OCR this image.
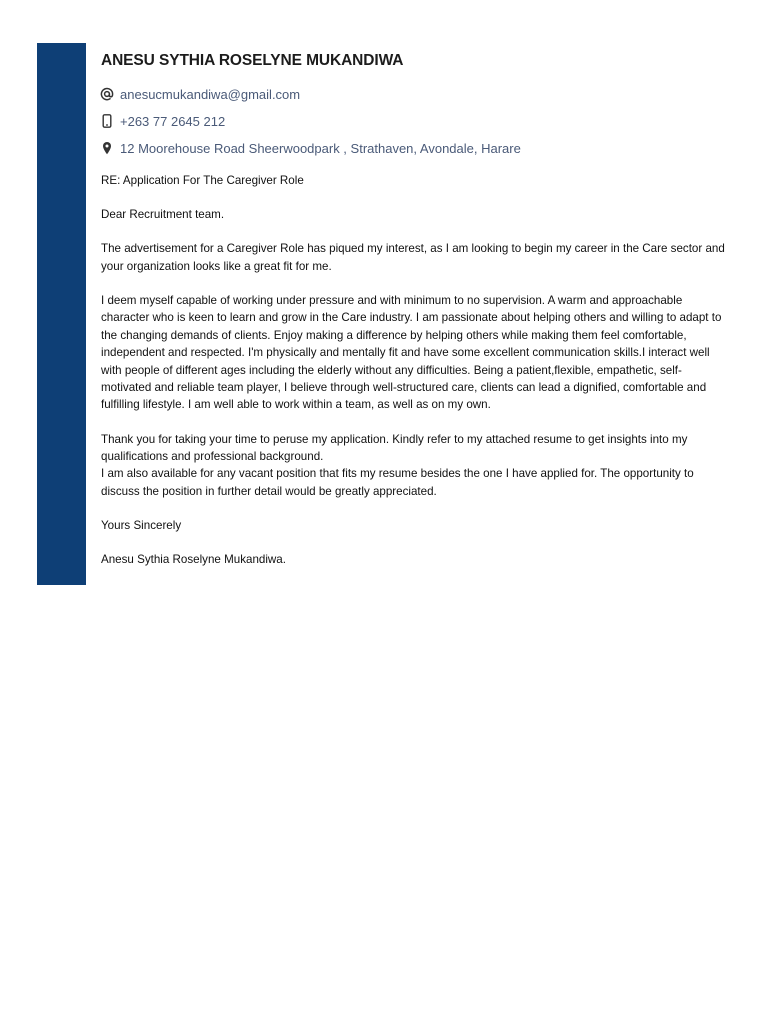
ANESU SYTHIA ROSELYNE MUKANDIWA
anesucmukandiwa@gmail.com
+263 77 2645 212
12 Moorehouse Road Sheerwoodpark , Strathaven, Avondale, Harare

RE: Application For The Caregiver Role

Dear Recruitment team.

The advertisement for a Caregiver Role has piqued my interest, as I am looking to begin my career in the Care sector and your organization looks like a great fit for me.

I deem myself capable of working under pressure and with minimum to no supervision. A warm and approachable character who is keen to learn and grow in the Care industry. I am passionate about helping others and willing to adapt to the changing demands of clients. Enjoy making a difference by helping others while making them feel comfortable, independent and respected. I'm physically and mentally fit and have some excellent communication skills.I interact well with people of different ages including the elderly without any difficulties. Being a patient,flexible, empathetic, self-motivated and reliable team player, I believe through well-structured care, clients can lead a dignified, comfortable and fulfilling lifestyle. I am well able to work within a team, as well as on my own.

Thank you for taking your time to peruse my application. Kindly refer to my attached resume to get insights into my qualifications and professional background.
I am also available for any vacant position that fits my resume besides the one I have applied for. The opportunity to discuss the position in further detail would be greatly appreciated.

Yours Sincerely

Anesu Sythia Roselyne Mukandiwa.
